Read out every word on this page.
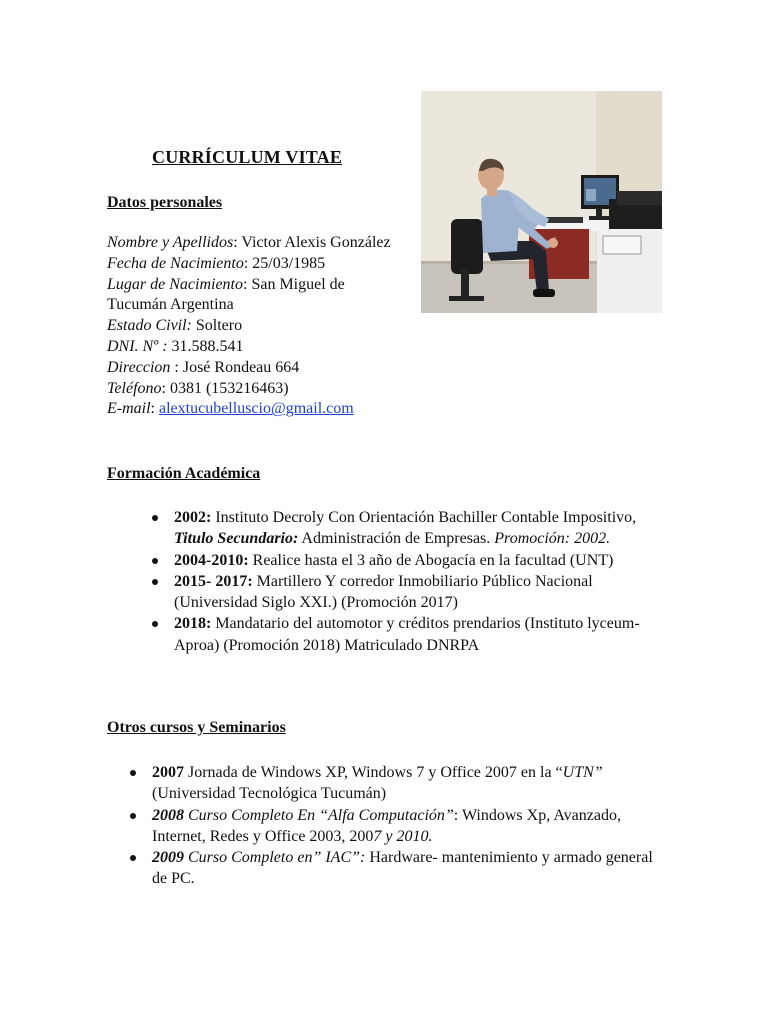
CURRÍCULUM VITAE
Datos personales

Nombre y Apellidos: Victor Alexis González

Fecha de Nacimiento: 25/03/1985

Lugar de Nacimiento: San Miguel de Tucumán Argentina

Estado Civil: Soltero

DNI. Nº : 31.588.541

Direccion : José Rondeau 664

Teléfono: 0381 (153216463)

E-mail: alextucubelluscio@gmail.com

Formación Académica
2002: Instituto Decroly Con Orientación Bachiller Contable Impositivo, Titulo Secundario: Administración de Empresas. Promoción: 2002.
2004-2010: Realice hasta el 3 año de Abogacía en la facultad (UNT)
2015- 2017: Martillero Y corredor Inmobiliario Público Nacional (Universidad Siglo XXI.) (Promoción 2017)
2018: Mandatario del automotor y créditos prendarios (Instituto lyceum- Aproa) (Promoción 2018) Matriculado DNRPA
Otros cursos y Seminarios
2007 Jornada de Windows XP, Windows 7 y Office 2007 en la “UTN” (Universidad Tecnológica Tucumán)
2008 Curso Completo En “Alfa Computación”: Windows Xp, Avanzado, Internet, Redes y Office 2003, 2007 y 2010.
2009 Curso Completo en” IAC”: Hardware- mantenimiento y armado general de PC.
